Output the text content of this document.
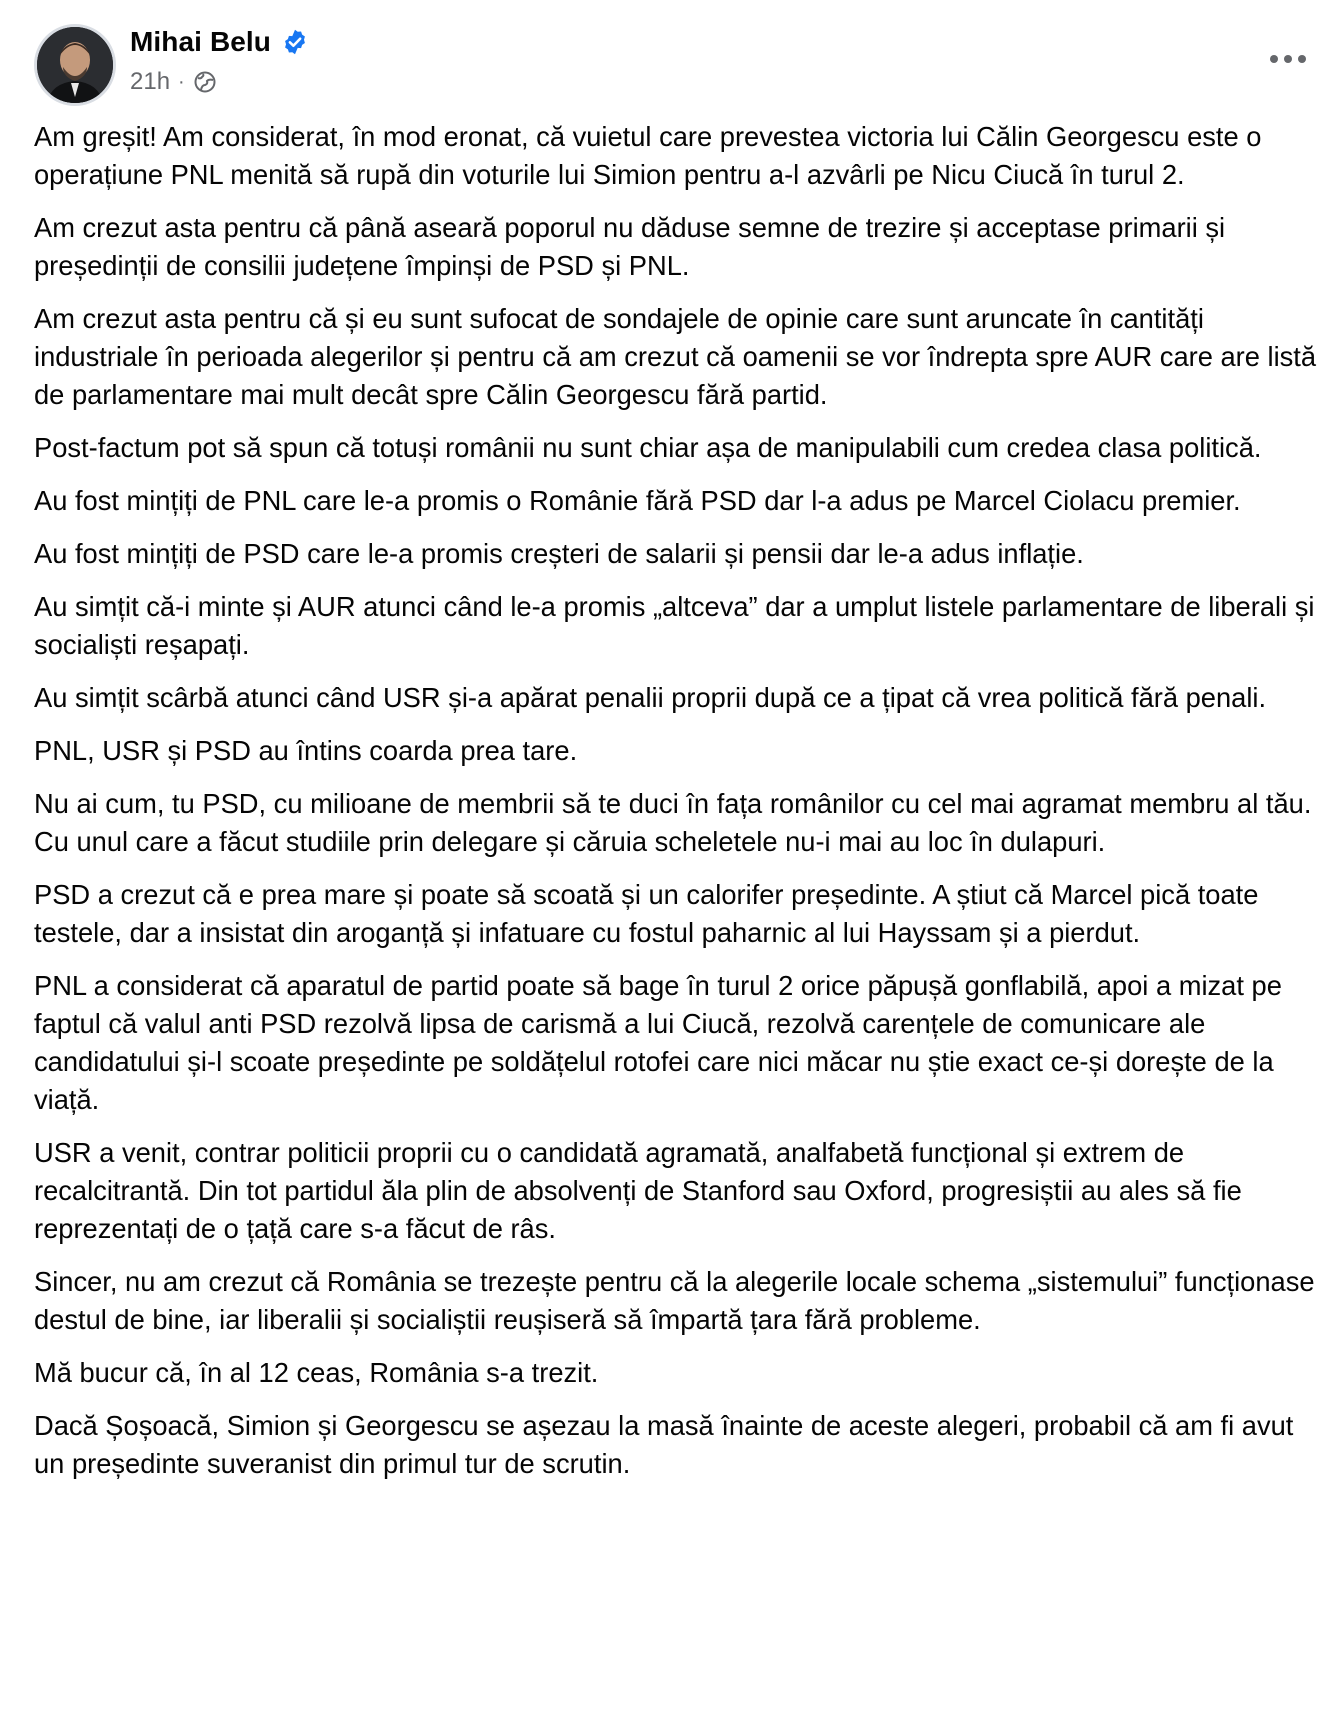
Mihai Belu
21h ·

Am greșit! Am considerat, în mod eronat, că vuietul care prevestea victoria lui Călin Georgescu este o operațiune PNL menită să rupă din voturile lui Simion pentru a-l azvârli pe Nicu Ciucă în turul 2.

Am crezut asta pentru că până aseară poporul nu dăduse semne de trezire și acceptase primarii și președinții de consilii județene împinși de PSD și PNL.

Am crezut asta pentru că și eu sunt sufocat de sondajele de opinie care sunt aruncate în cantități industriale în perioada alegerilor și pentru că am crezut că oamenii se vor îndrepta spre AUR care are listă de parlamentare mai mult decât spre Călin Georgescu fără partid.

Post-factum pot să spun că totuși românii nu sunt chiar așa de manipulabili cum credea clasa politică.

Au fost mințiți de PNL care le-a promis o Românie fără PSD dar l-a adus pe Marcel Ciolacu premier.

Au fost mințiți de PSD care le-a promis creșteri de salarii și pensii dar le-a adus inflație.

Au simțit că-i minte și AUR atunci când le-a promis „altceva” dar a umplut listele parlamentare de liberali și socialiști reșapați.

Au simțit scârbă atunci când USR și-a apărat penalii proprii după ce a țipat că vrea politică fără penali.

PNL, USR și PSD au întins coarda prea tare.

Nu ai cum, tu PSD, cu milioane de membrii să te duci în fața românilor cu cel mai agramat membru al tău. Cu unul care a făcut studiile prin delegare și căruia scheletele nu-i mai au loc în dulapuri.

PSD a crezut că e prea mare și poate să scoată și un calorifer președinte. A știut că Marcel pică toate testele, dar a insistat din aroganță și infatuare cu fostul paharnic al lui Hayssam și a pierdut.

PNL a considerat că aparatul de partid poate să bage în turul 2 orice păpușă gonflabilă, apoi a mizat pe faptul că valul anti PSD rezolvă lipsa de carismă a lui Ciucă, rezolvă carențele de comunicare ale candidatului și-l scoate președinte pe soldățelul rotofei care nici măcar nu știe exact ce-și dorește de la viață.

USR a venit, contrar politicii proprii cu o candidată agramată, analfabetă funcțional și extrem de recalcitrantă. Din tot partidul ăla plin de absolvenți de Stanford sau Oxford, progresiștii au ales să fie reprezentați de o țață care s-a făcut de râs.

Sincer, nu am crezut că România se trezește pentru că la alegerile locale schema „sistemului” funcționase destul de bine, iar liberalii și socialiștii reușiseră să împartă țara fără probleme.

Mă bucur că, în al 12 ceas, România s-a trezit.

Dacă Șoșoacă, Simion și Georgescu se așezau la masă înainte de aceste alegeri, probabil că am fi avut un președinte suveranist din primul tur de scrutin.
